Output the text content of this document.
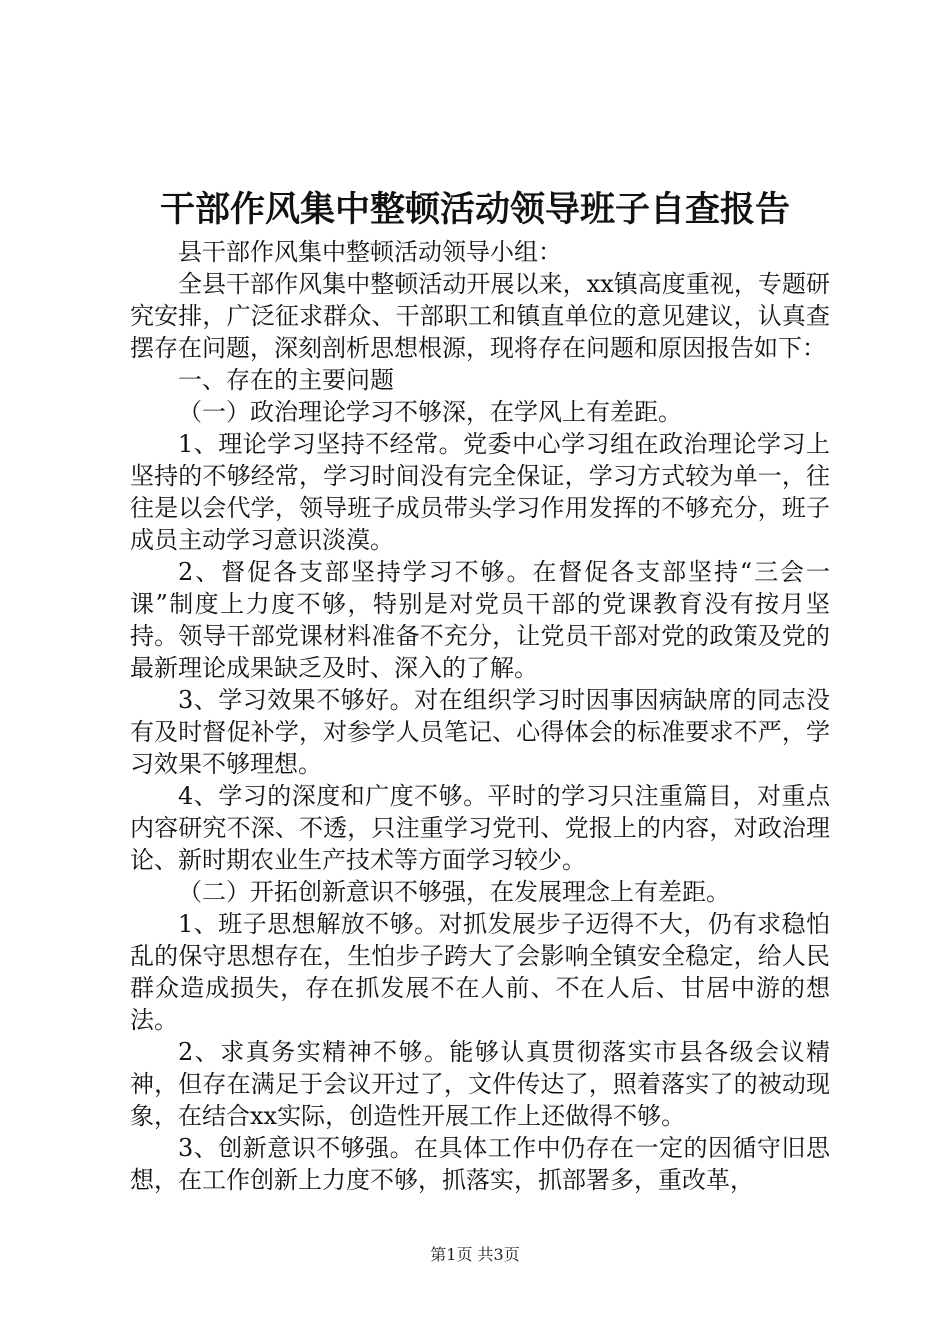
干部作风集中整顿活动领导班子自查报告

县干部作风集中整顿活动领导小组：

全县干部作风集中整顿活动开展以来，xx镇高度重视，专题研究安排，广泛征求群众、干部职工和镇直单位的意见建议，认真查摆存在问题，深刻剖析思想根源，现将存在问题和原因报告如下：

一、存在的主要问题

（一）政治理论学习不够深，在学风上有差距。

1、理论学习坚持不经常。党委中心学习组在政治理论学习上坚持的不够经常，学习时间没有完全保证，学习方式较为单一，往往是以会代学，领导班子成员带头学习作用发挥的不够充分，班子成员主动学习意识淡漠。

2、督促各支部坚持学习不够。在督促各支部坚持“三会一课”制度上力度不够，特别是对党员干部的党课教育没有按月坚持。领导干部党课材料准备不充分，让党员干部对党的政策及党的最新理论成果缺乏及时、深入的了解。

3、学习效果不够好。对在组织学习时因事因病缺席的同志没有及时督促补学，对参学人员笔记、心得体会的标准要求不严，学习效果不够理想。

4、学习的深度和广度不够。平时的学习只注重篇目，对重点内容研究不深、不透，只注重学习党刊、党报上的内容，对政治理论、新时期农业生产技术等方面学习较少。

（二）开拓创新意识不够强，在发展理念上有差距。

1、班子思想解放不够。对抓发展步子迈得不大，仍有求稳怕乱的保守思想存在，生怕步子跨大了会影响全镇安全稳定，给人民群众造成损失，存在抓发展不在人前、不在人后、甘居中游的想法。

2、求真务实精神不够。能够认真贯彻落实市县各级会议精神，但存在满足于会议开过了，文件传达了，照着落实了的被动现象，在结合xx实际，创造性开展工作上还做得不够。

3、创新意识不够强。在具体工作中仍存在一定的因循守旧思想，在工作创新上力度不够，抓落实，抓部署多，重改革，

第1页 共3页
